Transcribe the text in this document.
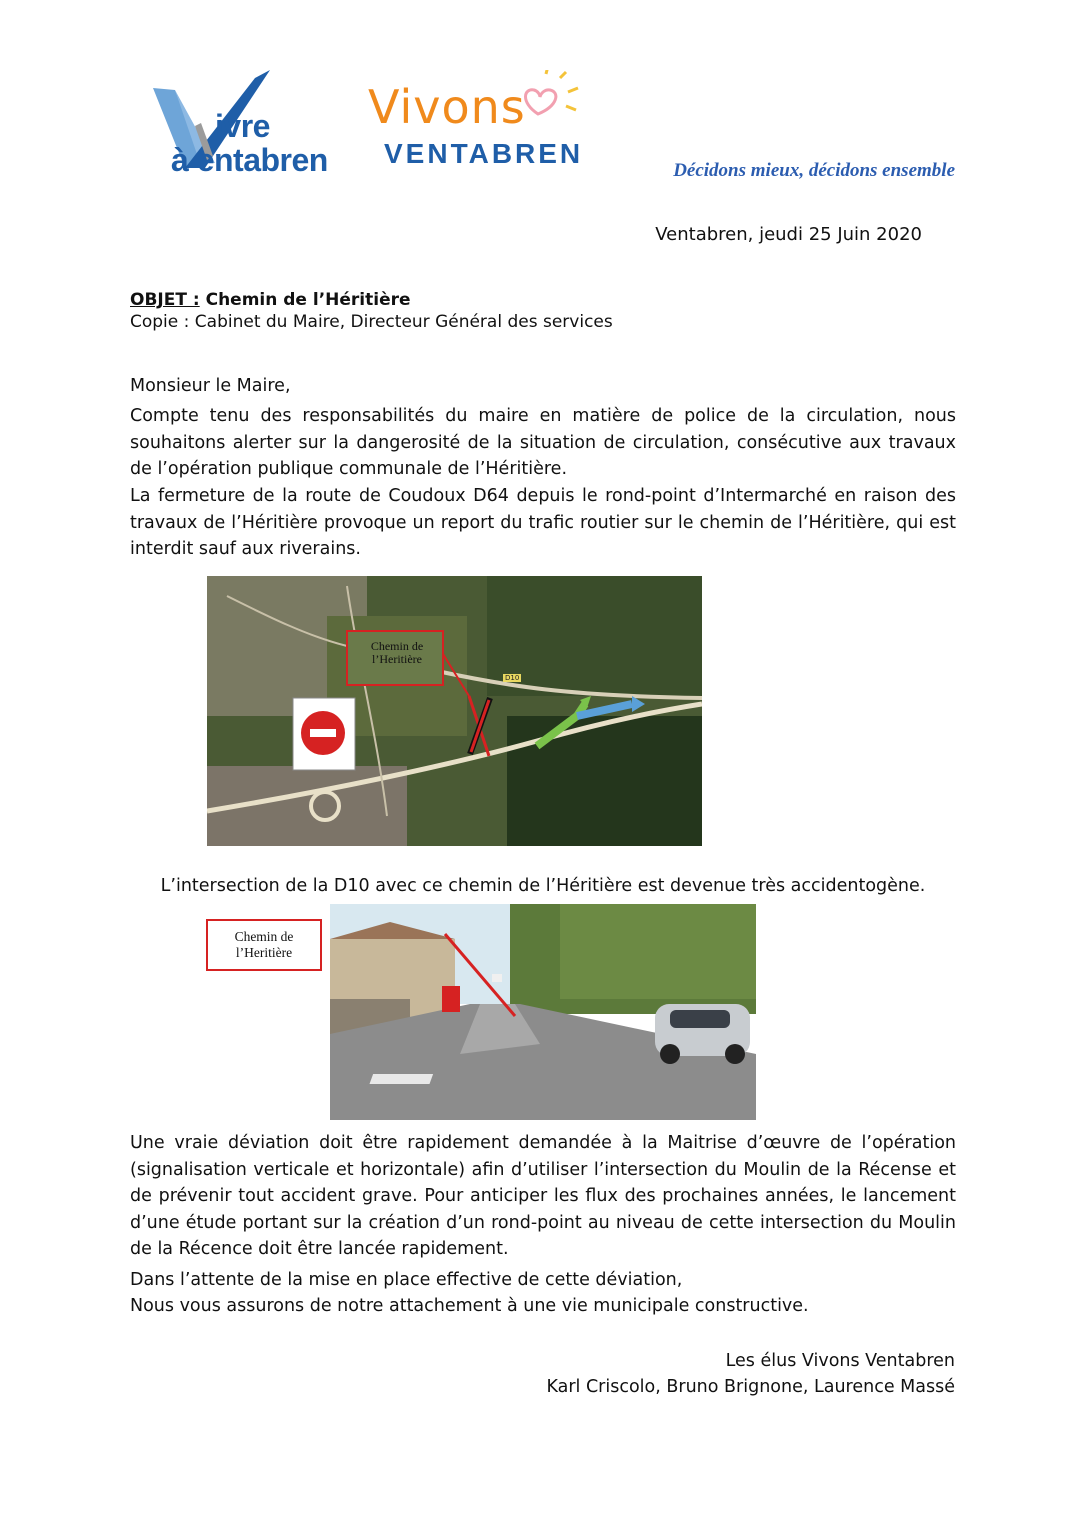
ivre
à entabren
Vivons
VENTABREN
Décidons mieux, décidons ensemble
Ventabren, jeudi 25 Juin 2020
OBJET : Chemin de l’Héritière
Copie : Cabinet du Maire, Directeur Général des services
Monsieur le Maire,
Compte tenu des responsabilités du maire en matière de police de la circulation, nous souhaitons alerter sur la dangerosité de la situation de circulation, consécutive aux travaux de l’opération publique communale de l’Héritière.
La fermeture de la route de Coudoux D64 depuis le rond-point d’Intermarché en raison des travaux de l’Héritière provoque un report du trafic routier sur le chemin de l’Héritière, qui est interdit sauf aux riverains.
Chemin de
l’Heritière
D10
L’intersection de la D10 avec ce chemin de l’Héritière est devenue très accidentogène.
Chemin de
l’Heritière
Une vraie déviation doit être rapidement demandée à la Maitrise d’œuvre de l’opération (signalisation verticale et horizontale) afin d’utiliser l’intersection du Moulin de la Récense et de prévenir tout accident grave. Pour anticiper les flux des prochaines années, le lancement d’une étude portant sur la création d’un rond-point au niveau de cette intersection du Moulin de la Récence doit être lancée rapidement.
Dans l’attente de la mise en place effective de cette déviation,
Nous vous assurons de notre attachement à une vie municipale constructive.
Les élus Vivons Ventabren
Karl Criscolo, Bruno Brignone, Laurence Massé
